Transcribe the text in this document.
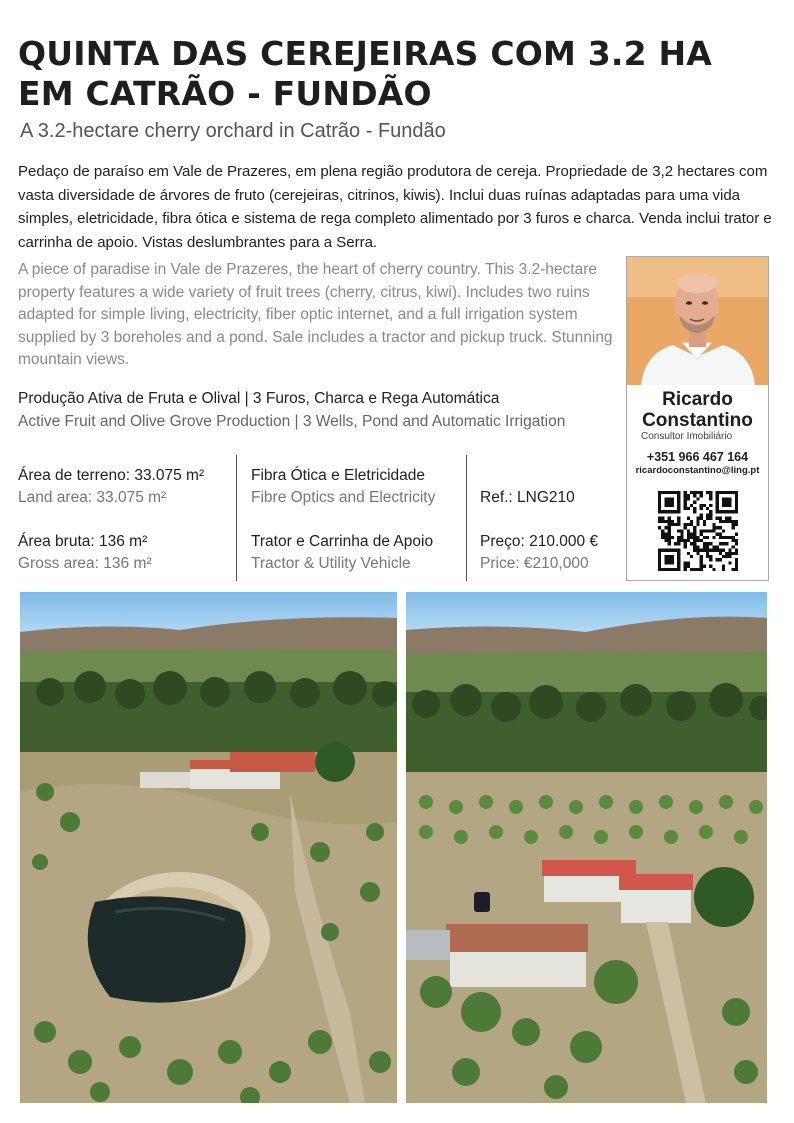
QUINTA DAS CEREJEIRAS COM 3.2 HA EM CATRÃO - FUNDÃO

A 3.2-hectare cherry orchard in Catrão - Fundão

Pedaço de paraíso em Vale de Prazeres, em plena região produtora de cereja. Propriedade de 3,2 hectares com vasta diversidade de árvores de fruto (cerejeiras, citrinos, kiwis). Inclui duas ruínas adaptadas para uma vida simples, eletricidade, fibra ótica e sistema de rega completo alimentado por 3 furos e charca. Venda inclui trator e carrinha de apoio. Vistas deslumbrantes para a Serra.

A piece of paradise in Vale de Prazeres, the heart of cherry country. This 3.2-hectare property features a wide variety of fruit trees (cherry, citrus, kiwi). Includes two ruins adapted for simple living, electricity, fiber optic internet, and a full irrigation system supplied by 3 boreholes and a pond. Sale includes a tractor and pickup truck. Stunning mountain views.

Produção Ativa de Fruta e Olival | 3 Furos, Charca e Rega Automática
Active Fruit and Olive Grove Production | 3 Wells, Pond and Automatic Irrigation
Área de terreno: 33.075 m²
Land area: 33.075 m²
Área bruta: 136 m²
Gross area: 136 m²
Fibra Ótica e Eletricidade
Fibre Optics and Electricity
Trator e Carrinha de Apoio
Tractor & Utility Vehicle
Ref.: LNG210
Preço: 210.000 €
Price: €210,000
Ricardo
Constantino
Consultor Imobiliário
+351 966 467 164
ricardoconstantino@ling.pt
